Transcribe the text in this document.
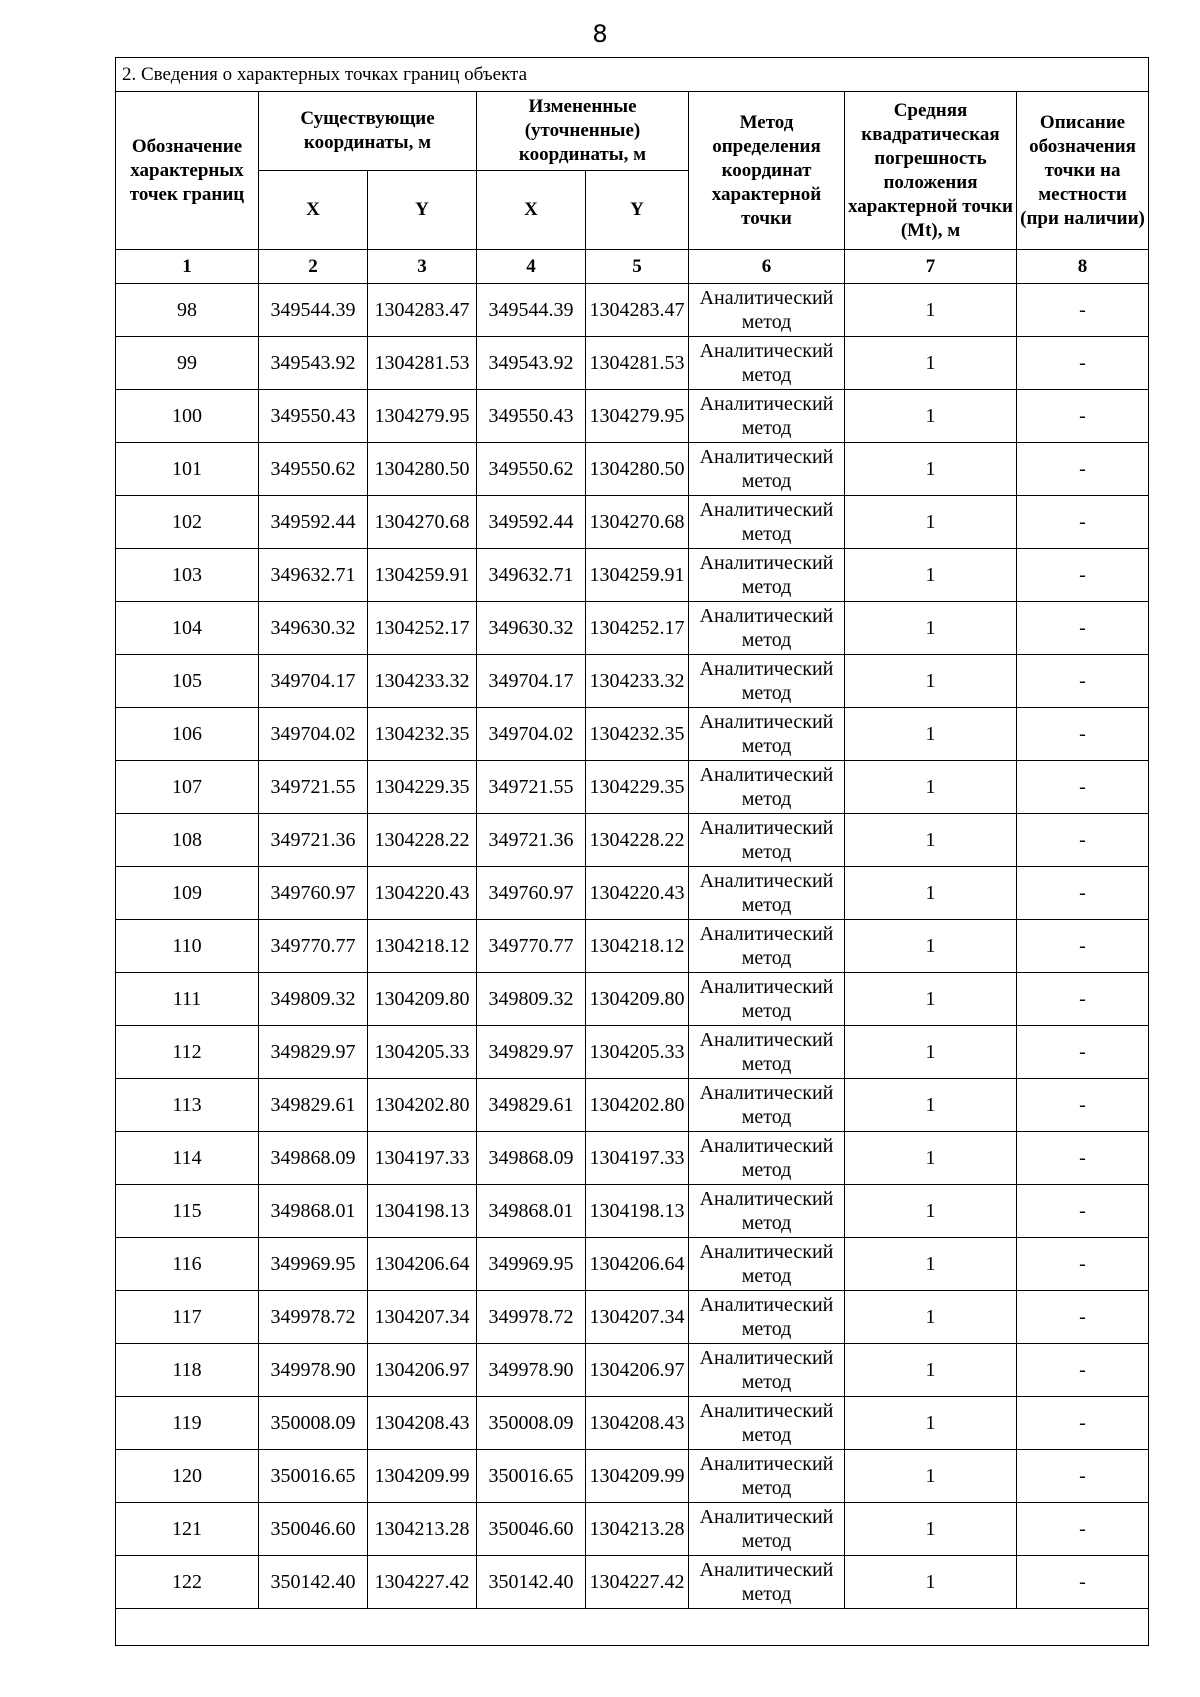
8
2. Сведения о характерных точках границ объекта							
Обозначение характерных точек границ	Существующие координаты, м		Измененные (уточненные) координаты, м		Метод определения координат характерной точки	Средняя квадратическая погрешность положения характерной точки (Mt), м	Описание обозначения точки на местности (при наличии)
	X	Y	X	Y			
1	2	3	4	5	6	7	8
98	349544.39	1304283.47	349544.39	1304283.47	Аналитический метод	1	-
99	349543.92	1304281.53	349543.92	1304281.53	Аналитический метод	1	-
100	349550.43	1304279.95	349550.43	1304279.95	Аналитический метод	1	-
101	349550.62	1304280.50	349550.62	1304280.50	Аналитический метод	1	-
102	349592.44	1304270.68	349592.44	1304270.68	Аналитический метод	1	-
103	349632.71	1304259.91	349632.71	1304259.91	Аналитический метод	1	-
104	349630.32	1304252.17	349630.32	1304252.17	Аналитический метод	1	-
105	349704.17	1304233.32	349704.17	1304233.32	Аналитический метод	1	-
106	349704.02	1304232.35	349704.02	1304232.35	Аналитический метод	1	-
107	349721.55	1304229.35	349721.55	1304229.35	Аналитический метод	1	-
108	349721.36	1304228.22	349721.36	1304228.22	Аналитический метод	1	-
109	349760.97	1304220.43	349760.97	1304220.43	Аналитический метод	1	-
110	349770.77	1304218.12	349770.77	1304218.12	Аналитический метод	1	-
111	349809.32	1304209.80	349809.32	1304209.80	Аналитический метод	1	-
112	349829.97	1304205.33	349829.97	1304205.33	Аналитический метод	1	-
113	349829.61	1304202.80	349829.61	1304202.80	Аналитический метод	1	-
114	349868.09	1304197.33	349868.09	1304197.33	Аналитический метод	1	-
115	349868.01	1304198.13	349868.01	1304198.13	Аналитический метод	1	-
116	349969.95	1304206.64	349969.95	1304206.64	Аналитический метод	1	-
117	349978.72	1304207.34	349978.72	1304207.34	Аналитический метод	1	-
118	349978.90	1304206.97	349978.90	1304206.97	Аналитический метод	1	-
119	350008.09	1304208.43	350008.09	1304208.43	Аналитический метод	1	-
120	350016.65	1304209.99	350016.65	1304209.99	Аналитический метод	1	-
121	350046.60	1304213.28	350046.60	1304213.28	Аналитический метод	1	-
122	350142.40	1304227.42	350142.40	1304227.42	Аналитический метод	1	-
